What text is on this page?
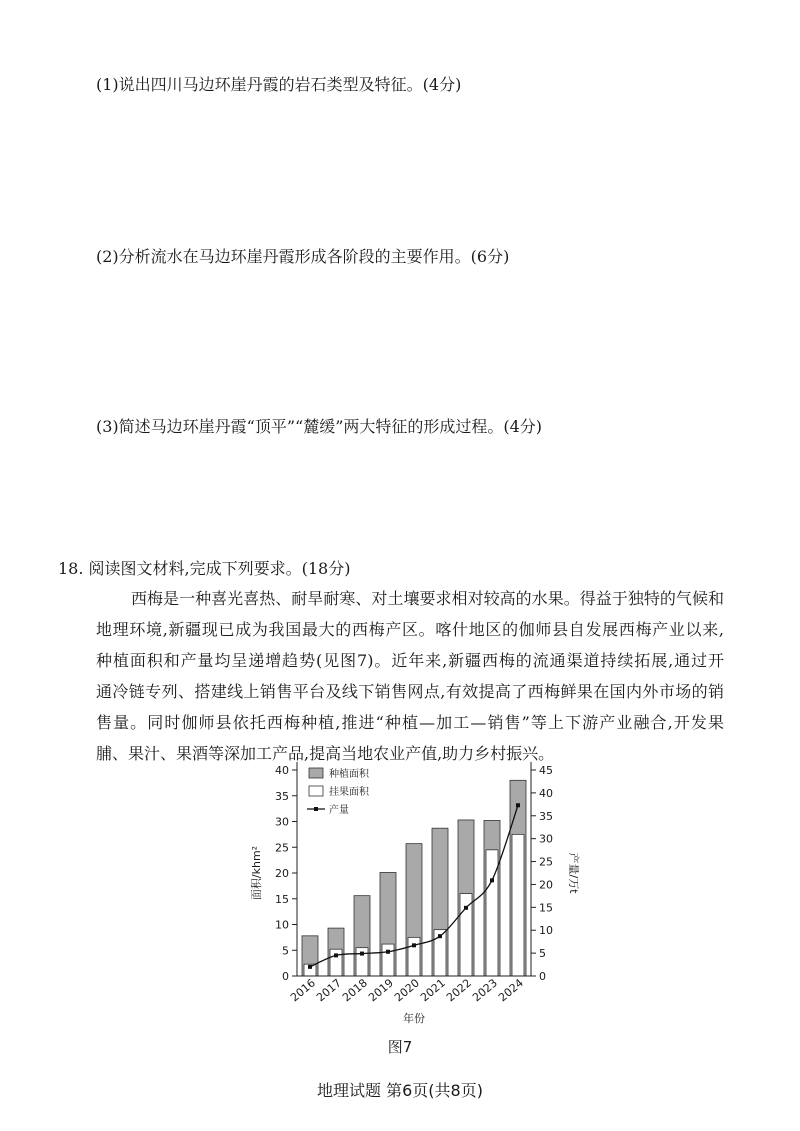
(1)说出四川马边环崖丹霞的岩石类型及特征。(4分)
(2)分析流水在马边环崖丹霞形成各阶段的主要作用。(6分)
(3)简述马边环崖丹霞“顶平”“麓缓”两大特征的形成过程。(4分)
18. 阅读图文材料,完成下列要求。(18分)
西梅是一种喜光喜热、耐旱耐寒、对土壤要求相对较高的水果。得益于独特的气候和
地理环境,新疆现已成为我国最大的西梅产区。喀什地区的伽师县自发展西梅产业以来,
种植面积和产量均呈递增趋势(见图7)。近年来,新疆西梅的流通渠道持续拓展,通过开
通冷链专列、搭建线上销售平台及线下销售网点,有效提高了西梅鲜果在国内外市场的销
售量。同时伽师县依托西梅种植,推进“种植—加工—销售”等上下游产业融合,开发果
脯、果汁、果酒等深加工产品,提高当地农业产值,助力乡村振兴。
0
5
10
15
20
25
30
35
40
0
5
10
15
20
25
30
35
40
45
2016
2017
2018
2019
2020
2021
2022
2023
2024
面积/khm²	产量/万t
年份
种植面积
挂果面积
产量
图7
地理试题 第6页(共8页)
